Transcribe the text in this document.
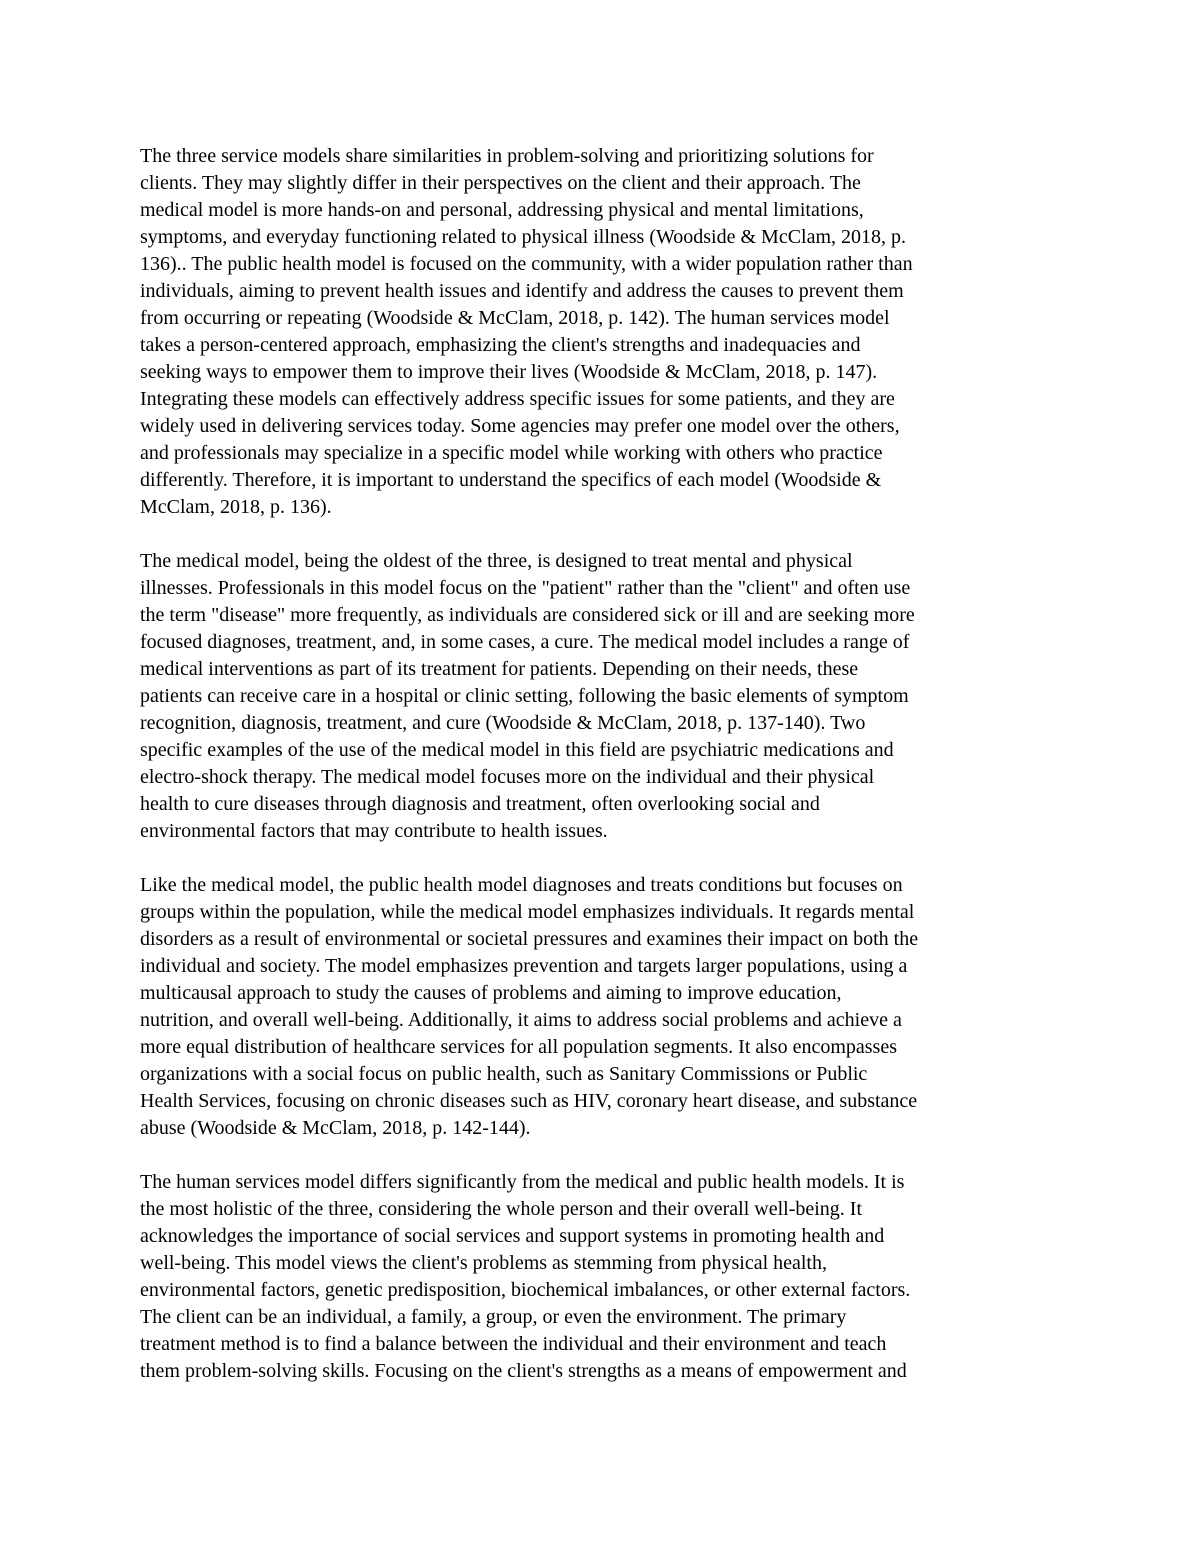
The three service models share similarities in problem-solving and prioritizing solutions for
clients. They may slightly differ in their perspectives on the client and their approach. The
medical model is more hands-on and personal, addressing physical and mental limitations,
symptoms, and everyday functioning related to physical illness (Woodside & McClam, 2018, p.
136).. The public health model is focused on the community, with a wider population rather than
individuals, aiming to prevent health issues and identify and address the causes to prevent them
from occurring or repeating (Woodside & McClam, 2018, p. 142). The human services model
takes a person-centered approach, emphasizing the client's strengths and inadequacies and
seeking ways to empower them to improve their lives (Woodside & McClam, 2018, p. 147).
Integrating these models can effectively address specific issues for some patients, and they are
widely used in delivering services today. Some agencies may prefer one model over the others,
and professionals may specialize in a specific model while working with others who practice
differently. Therefore, it is important to understand the specifics of each model (Woodside &
McClam, 2018, p. 136).

The medical model, being the oldest of the three, is designed to treat mental and physical
illnesses. Professionals in this model focus on the "patient" rather than the "client" and often use
the term "disease" more frequently, as individuals are considered sick or ill and are seeking more
focused diagnoses, treatment, and, in some cases, a cure. The medical model includes a range of
medical interventions as part of its treatment for patients. Depending on their needs, these
patients can receive care in a hospital or clinic setting, following the basic elements of symptom
recognition, diagnosis, treatment, and cure (Woodside & McClam, 2018, p. 137-140). Two
specific examples of the use of the medical model in this field are psychiatric medications and
electro-shock therapy. The medical model focuses more on the individual and their physical
health to cure diseases through diagnosis and treatment, often overlooking social and
environmental factors that may contribute to health issues.

Like the medical model, the public health model diagnoses and treats conditions but focuses on
groups within the population, while the medical model emphasizes individuals. It regards mental
disorders as a result of environmental or societal pressures and examines their impact on both the
individual and society. The model emphasizes prevention and targets larger populations, using a
multicausal approach to study the causes of problems and aiming to improve education,
nutrition, and overall well-being. Additionally, it aims to address social problems and achieve a
more equal distribution of healthcare services for all population segments. It also encompasses
organizations with a social focus on public health, such as Sanitary Commissions or Public
Health Services, focusing on chronic diseases such as HIV, coronary heart disease, and substance
abuse (Woodside & McClam, 2018, p. 142-144).

The human services model differs significantly from the medical and public health models. It is
the most holistic of the three, considering the whole person and their overall well-being. It
acknowledges the importance of social services and support systems in promoting health and
well-being. This model views the client's problems as stemming from physical health,
environmental factors, genetic predisposition, biochemical imbalances, or other external factors.
The client can be an individual, a family, a group, or even the environment. The primary
treatment method is to find a balance between the individual and their environment and teach
them problem-solving skills. Focusing on the client's strengths as a means of empowerment and
